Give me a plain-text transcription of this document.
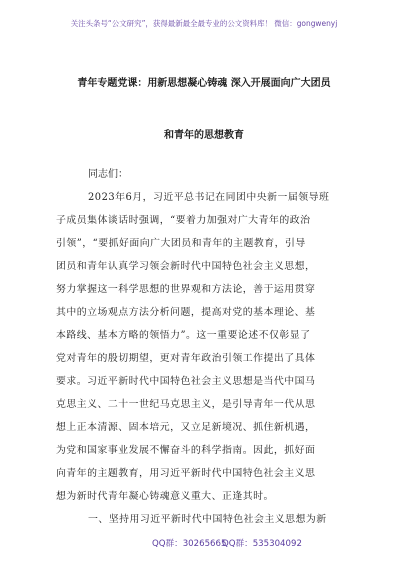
关注头条号“公文研究”，获得最新最全最专业的公文资料库！ 微信：gongwenyj
青年专题党课：用新思想凝心铸魂 深入开展面向广大团员
和青年的思想教育
同志们：
2023年6月，习近平总书记在同团中央新一届领导班
子成员集体谈话时强调，“要着力加强对广大青年的政治
引领”，“要抓好面向广大团员和青年的主题教育，引导
团员和青年认真学习领会新时代中国特色社会主义思想，
努力掌握这一科学思想的世界观和方法论，善于运用贯穿
其中的立场观点方法分析问题，提高对党的基本理论、基
本路线、基本方略的领悟力”。这一重要论述不仅彰显了
党对青年的殷切期望，更对青年政治引领工作提出了具体
要求。习近平新时代中国特色社会主义思想是当代中国马
克思主义、二十一世纪马克思主义，是引导青年一代从思
想上正本清源、固本培元，又立足新境况、抓住新机遇，
为党和国家事业发展不懈奋斗的科学指南。因此，抓好面
向青年的主题教育，用习近平新时代中国特色社会主义思
想为新时代青年凝心铸魂意义重大、正逢其时。
一、坚持用习近平新时代中国特色社会主义思想为新
QQ群：30265665
QQ群：535304092
